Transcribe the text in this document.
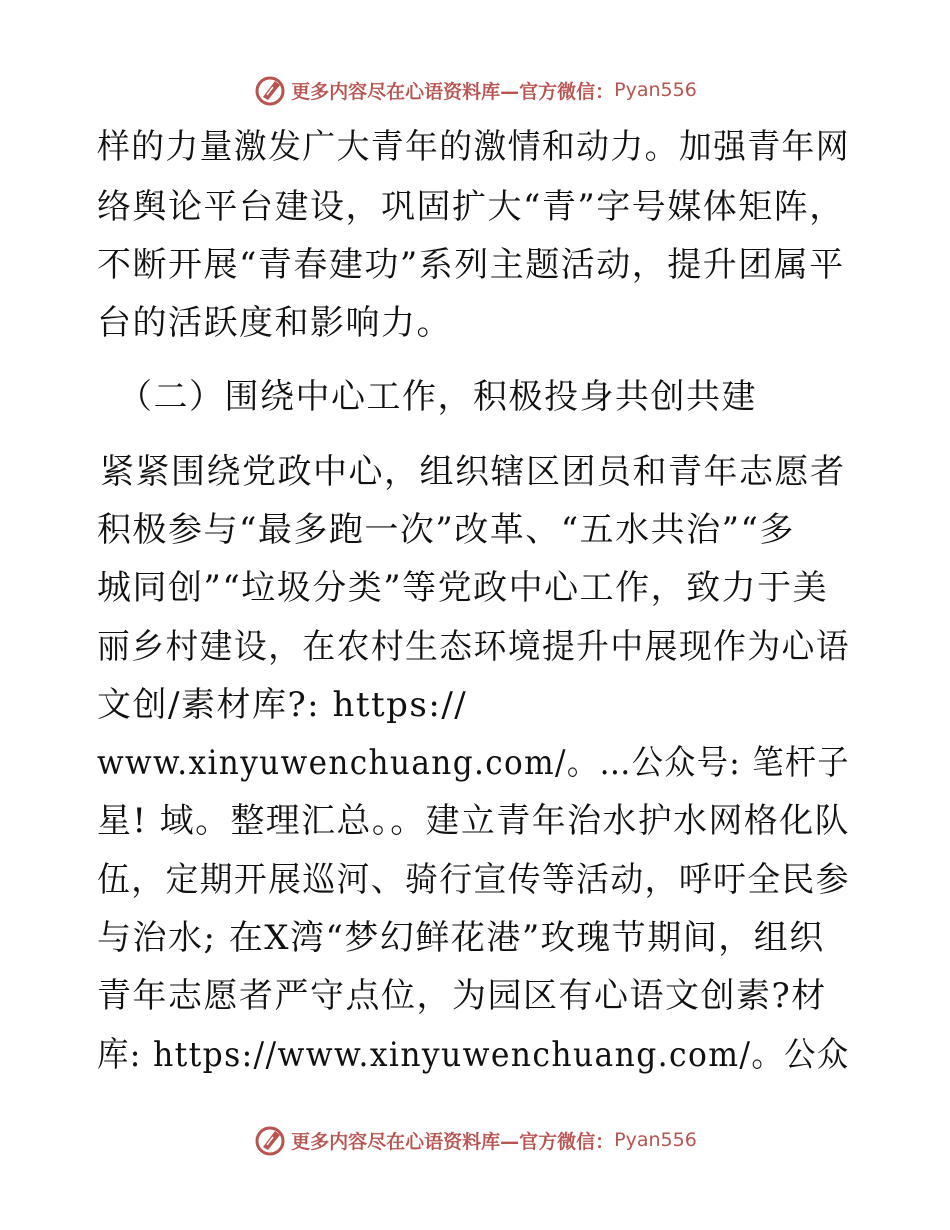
更多内容尽在心语资料库—官方微信： Pyan556
样的力量激发广大青年的激情和动力。加强青年网
络舆论平台建设，巩固扩大“青”字号媒体矩阵，
不断开展“青春建功”系列主题活动，提升团属平
台的活跃度和影响力。
（二）围绕中心工作，积极投身共创共建
紧紧围绕党政中心，组织辖区团员和青年志愿者
积极参与“最多跑一次”改革、“五水共治”“多
城同创”“垃圾分类”等党政中心工作，致力于美
丽乡村建设，在农村生态环境提升中展现作为心语
文创/素材库?: https://
www.xinyuwenchuang.com/。…公众号: 笔杆子
星! 域。整理汇总。。建立青年治水护水网格化队
伍，定期开展巡河、骑行宣传等活动，呼吁全民参
与治水; 在X湾“梦幻鲜花港”玫瑰节期间，组织
青年志愿者严守点位，为园区有心语文创素?材
库: https://www.xinyuwenchuang.com/。公众
更多内容尽在心语资料库—官方微信： Pyan556
